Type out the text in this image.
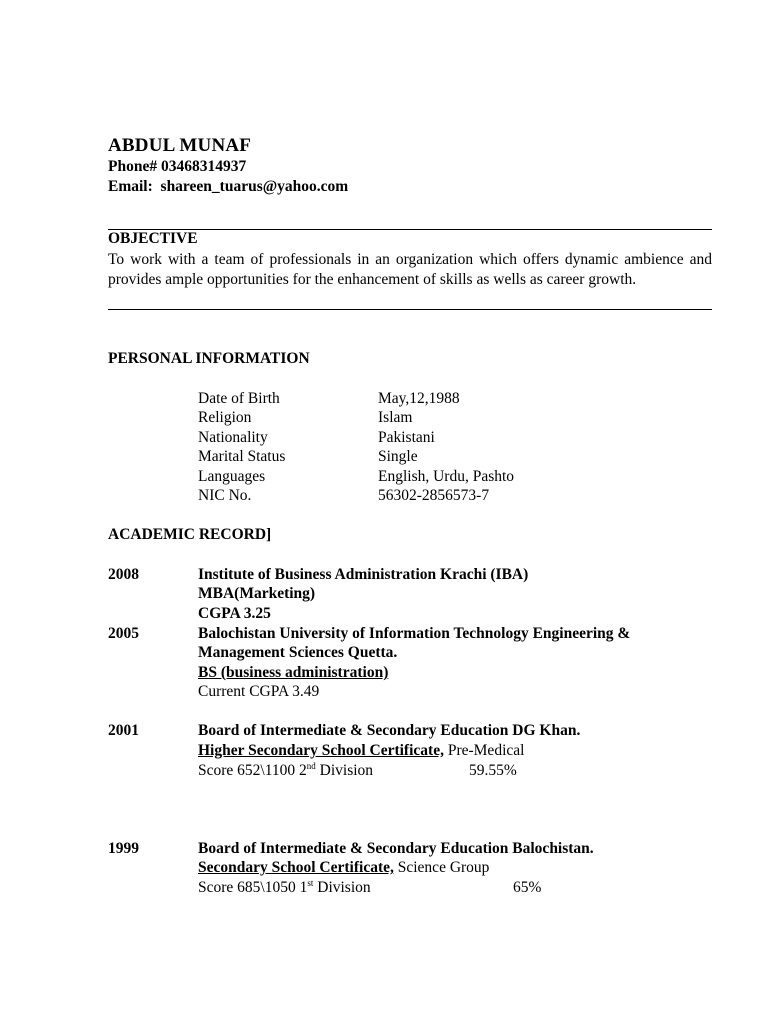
ABDUL MUNAF
Phone# 03468314937
Email: shareen_tuarus@yahoo.com
OBJECTIVE
To work with a team of professionals in an organization which offers dynamic ambience and provides ample opportunities for the enhancement of skills as wells as career growth.
PERSONAL INFORMATION
Date of Birth	May,12,1988
Religion	Islam
Nationality	Pakistani
Marital Status	Single
Languages	English, Urdu, Pashto
NIC No.	56302-2856573-7
ACADEMIC RECORD]
2008	Institute of Business Administration Krachi (IBA)
MBA(Marketing)
CGPA 3.25
2005	Balochistan University of Information Technology Engineering &
Management Sciences Quetta.
BS (business administration)
Current CGPA 3.49
2001	Board of Intermediate & Secondary Education DG Khan.
Higher Secondary School Certificate, Pre-Medical
Score 652\1100 2nd Division	59.55%
1999	Board of Intermediate & Secondary Education Balochistan.
Secondary School Certificate, Science Group
Score 685\1050 1st Division	65%
